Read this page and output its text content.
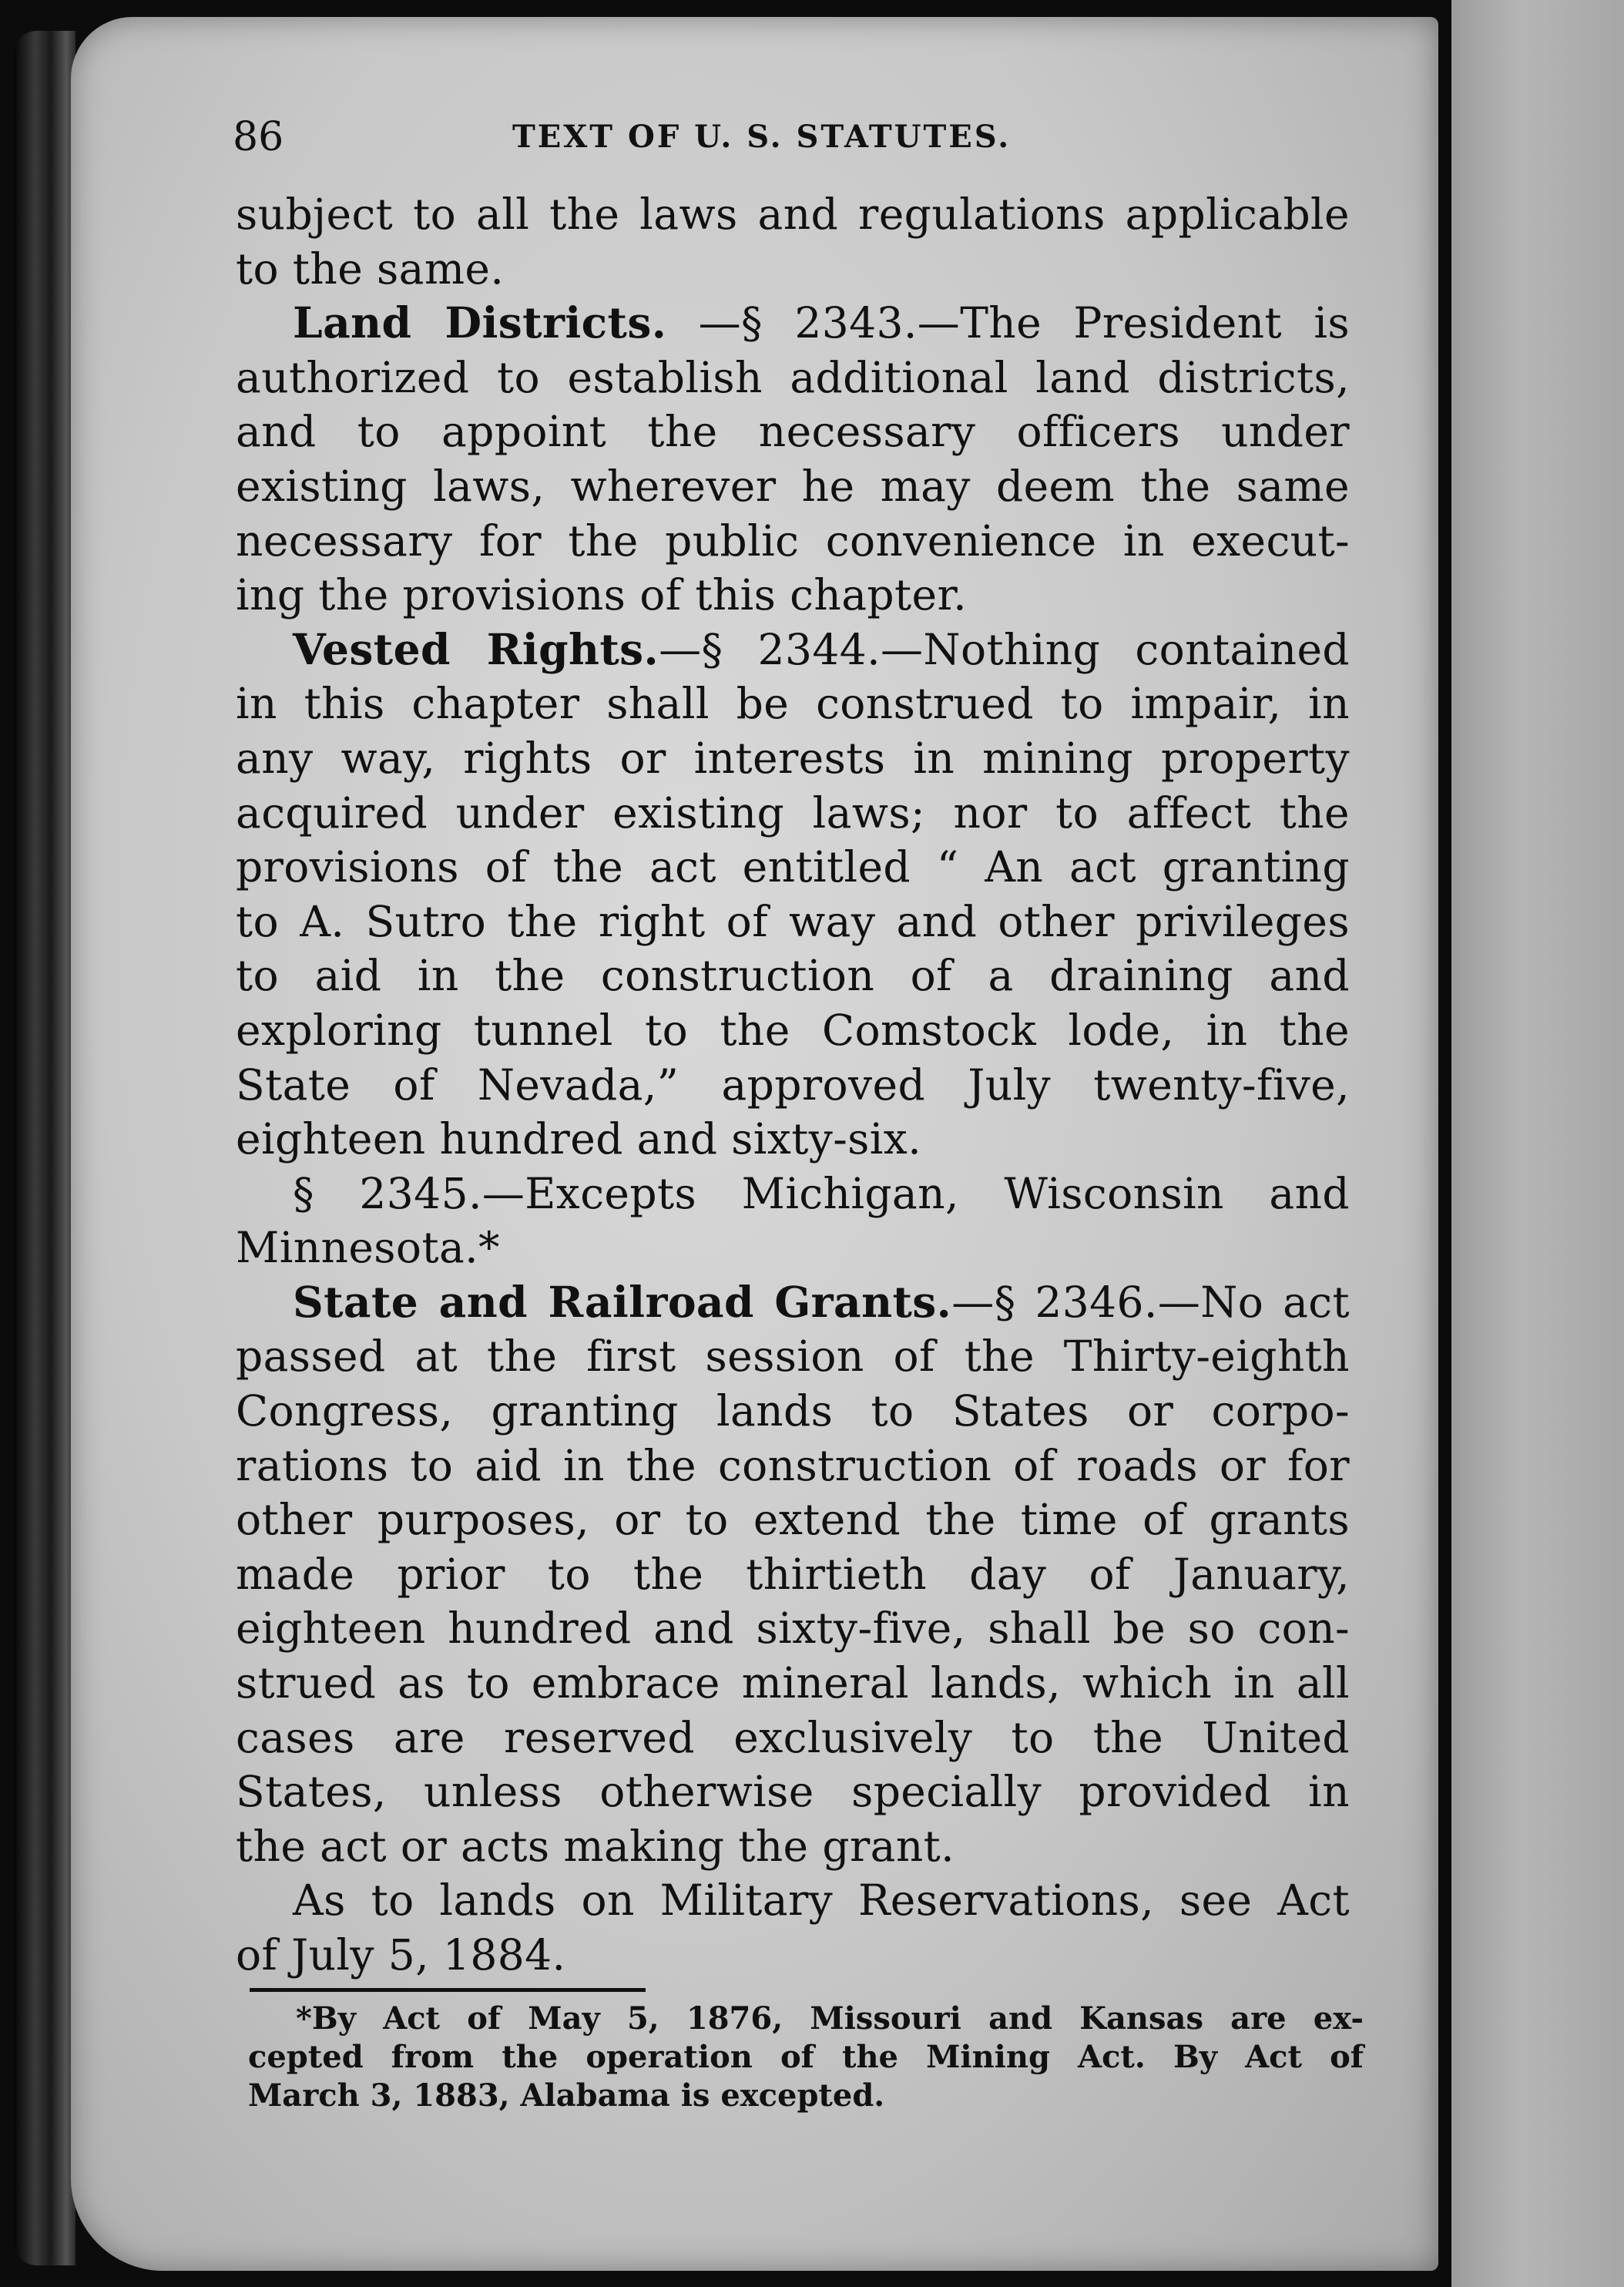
86	TEXT OF U. S. STATUTES.
subject to all the laws and regulations applicable
to the same.
Land Districts. —§ 2343.—The President is
authorized to establish additional land districts,
and to appoint the necessary officers under
existing laws, wherever he may deem the same
necessary for the public convenience in execut-
ing the provisions of this chapter.
Vested Rights.—§ 2344.—Nothing contained
in this chapter shall be construed to impair, in
any way, rights or interests in mining property
acquired under existing laws; nor to affect the
provisions of the act entitled “ An act granting
to A. Sutro the right of way and other privileges
to aid in the construction of a draining and
exploring tunnel to the Comstock lode, in the
State of Nevada,” approved July twenty-five,
eighteen hundred and sixty-six.
§ 2345.—Excepts Michigan, Wisconsin and
Minnesota.*
State and Railroad Grants.—§ 2346.—No act
passed at the first session of the Thirty-eighth
Congress, granting lands to States or corpo-
rations to aid in the construction of roads or for
other purposes, or to extend the time of grants
made prior to the thirtieth day of January,
eighteen hundred and sixty-five, shall be so con-
strued as to embrace mineral lands, which in all
cases are reserved exclusively to the United
States, unless otherwise specially provided in
the act or acts making the grant.
As to lands on Military Reservations, see Act
of July 5, 1884.
*By Act of May 5, 1876, Missouri and Kansas are ex-
cepted from the operation of the Mining Act. By Act of
March 3, 1883, Alabama is excepted.
